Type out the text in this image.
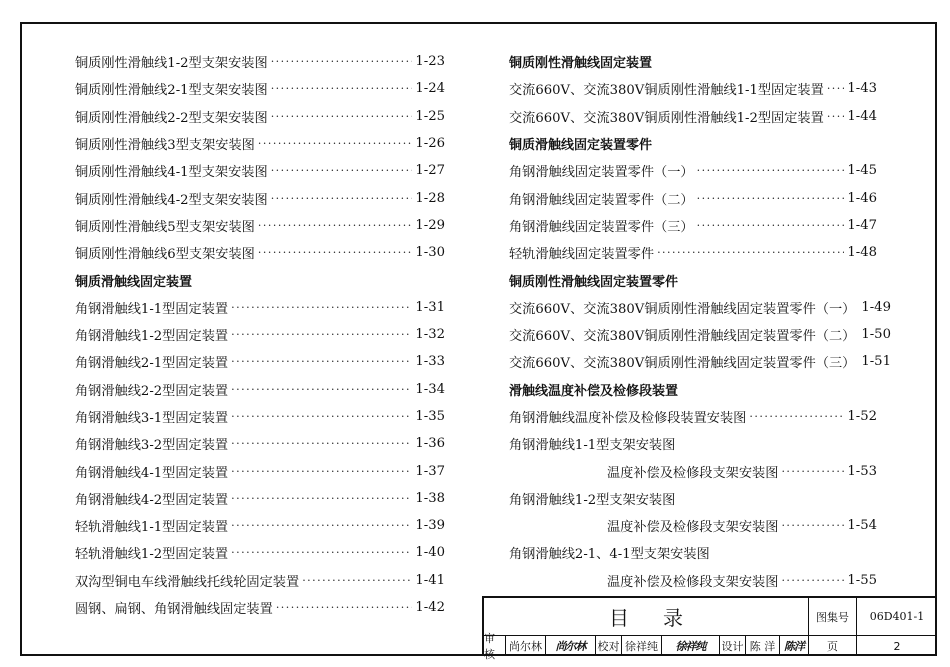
铜质刚性滑触线1-2型支架安装图 ·····	1-23
铜质刚性滑触线2-1型支架安装图 ·····	1-24
铜质刚性滑触线2-2型支架安装图 ·····	1-25
铜质刚性滑触线3型支架安装图 ·····	1-26
铜质刚性滑触线4-1型支架安装图 ·····	1-27
铜质刚性滑触线4-2型支架安装图 ·····	1-28
铜质刚性滑触线5型支架安装图 ·····	1-29
铜质刚性滑触线6型支架安装图 ·····	1-30
铜质滑触线固定装置
角钢滑触线1-1型固定装置 ·····	1-31
角钢滑触线1-2型固定装置 ·····	1-32
角钢滑触线2-1型固定装置 ·····	1-33
角钢滑触线2-2型固定装置 ·····	1-34
角钢滑触线3-1型固定装置 ·····	1-35
角钢滑触线3-2型固定装置 ·····	1-36
角钢滑触线4-1型固定装置 ·····	1-37
角钢滑触线4-2型固定装置 ·····	1-38
轻轨滑触线1-1型固定装置 ·····	1-39
轻轨滑触线1-2型固定装置 ·····	1-40
双沟型铜电车线滑触线托线轮固定装置 ·····	1-41
圆钢、扁钢、角钢滑触线固定装置 ·····	1-42
铜质刚性滑触线固定装置
交流660V、交流380V铜质刚性滑触线1-1型固定装置 ····· 1-43
交流660V、交流380V铜质刚性滑触线1-2型固定装置 ····· 1-44
铜质滑触线固定装置零件
角钢滑触线固定装置零件（一） ·····	1-45
角钢滑触线固定装置零件（二） ·····	1-46
角钢滑触线固定装置零件（三） ·····	1-47
轻轨滑触线固定装置零件 ·····	1-48
铜质刚性滑触线固定装置零件
交流660V、交流380V铜质刚性滑触线固定装置零件（一） 1-49
交流660V、交流380V铜质刚性滑触线固定装置零件（二） 1-50
交流660V、交流380V铜质刚性滑触线固定装置零件（三） 1-51
滑触线温度补偿及检修段装置
角钢滑触线温度补偿及检修段装置安装图 ·····	1-52
角钢滑触线1-1型支架安装图
温度补偿及检修段支架安装图 ·····	1-53
角钢滑触线1-2型支架安装图
温度补偿及检修段支架安装图 ·····	1-54
角钢滑触线2-1、4-1型支架安装图
温度补偿及检修段支架安装图 ·····	1-55
目录	图集号	06D401-1
审核
尚尔林	尚尔林	校对 徐祥纯	徐祥纯	设计 陈 洋 陈洋	页	2
